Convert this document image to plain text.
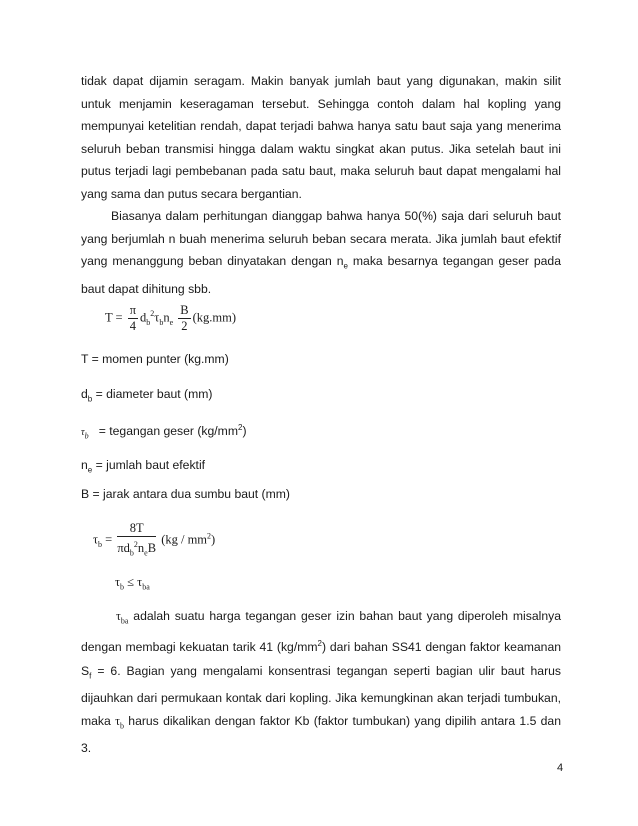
tidak dapat dijamin seragam. Makin banyak jumlah baut yang digunakan, makin silit untuk menjamin keseragaman tersebut. Sehingga contoh dalam hal kopling yang mempunyai ketelitian rendah, dapat terjadi bahwa hanya satu baut saja yang menerima seluruh beban transmisi hingga dalam waktu singkat akan putus. Jika setelah baut ini putus terjadi lagi pembebanan pada satu baut, maka seluruh baut dapat mengalami hal yang sama dan putus secara bergantian.

Biasanya dalam perhitungan dianggap bahwa hanya 50(%) saja dari seluruh baut yang berjumlah n buah menerima seluruh beban secara merata. Jika jumlah baut efektif yang menanggung beban dinyatakan dengan $n_e$ maka besarnya tegangan geser pada baut dapat dihitung sbb.

$T = \frac{\pi}{4} d_b^2\tau_bn_e \frac{B}{2} (kg.mm)$
T = momen punter (kg.mm)
$d_b$ = diameter baut (mm)
$\tau_b$ = tegangan geser $(kg/mm^2)$
$n_e$ = jumlah baut efektif
B = jarak antara dua sumbu baut (mm)
$\tau_b = \frac{8T}{\pi d_b^2n_eB} (kg / mm^2)$
$\tau_b \le \tau_{ba}$

$\tau_{ba}$ adalah suatu harga tegangan geser izin bahan baut yang diperoleh misalnya dengan membagi kekuatan tarik 41 $(kg/mm^2)$ dari bahan SS41 dengan faktor keamanan $S_f = 6$. Bagian yang mengalami konsentrasi tegangan seperti bagian ulir baut harus dijauhkan dari permukaan kontak dari kopling. Jika kemungkinan akan terjadi tumbukan, maka $\tau_b$ harus dikalikan dengan faktor Kb (faktor tumbukan) yang dipilih antara 1.5 dan 3.

4
